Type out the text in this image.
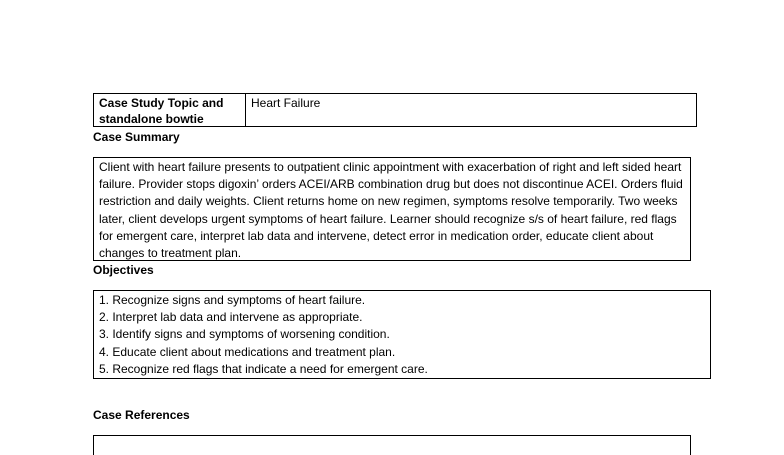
Case Study Topic and standalone bowtie
Heart Failure
Case Summary
Client with heart failure presents to outpatient clinic appointment with exacerbation of right and left sided heart failure. Provider stops digoxin’ orders ACEI/ARB combination drug but does not discontinue ACEI. Orders fluid restriction and daily weights. Client returns home on new regimen, symptoms resolve temporarily. Two weeks later, client develops urgent symptoms of heart failure. Learner should recognize s/s of heart failure, red flags for emergent care, interpret lab data and intervene, detect error in medication order, educate client about changes to treatment plan.
Objectives
1. Recognize signs and symptoms of heart failure.
2. Interpret lab data and intervene as appropriate.
3. Identify signs and symptoms of worsening condition.
4. Educate client about medications and treatment plan.
5. Recognize red flags that indicate a need for emergent care.
Case References
